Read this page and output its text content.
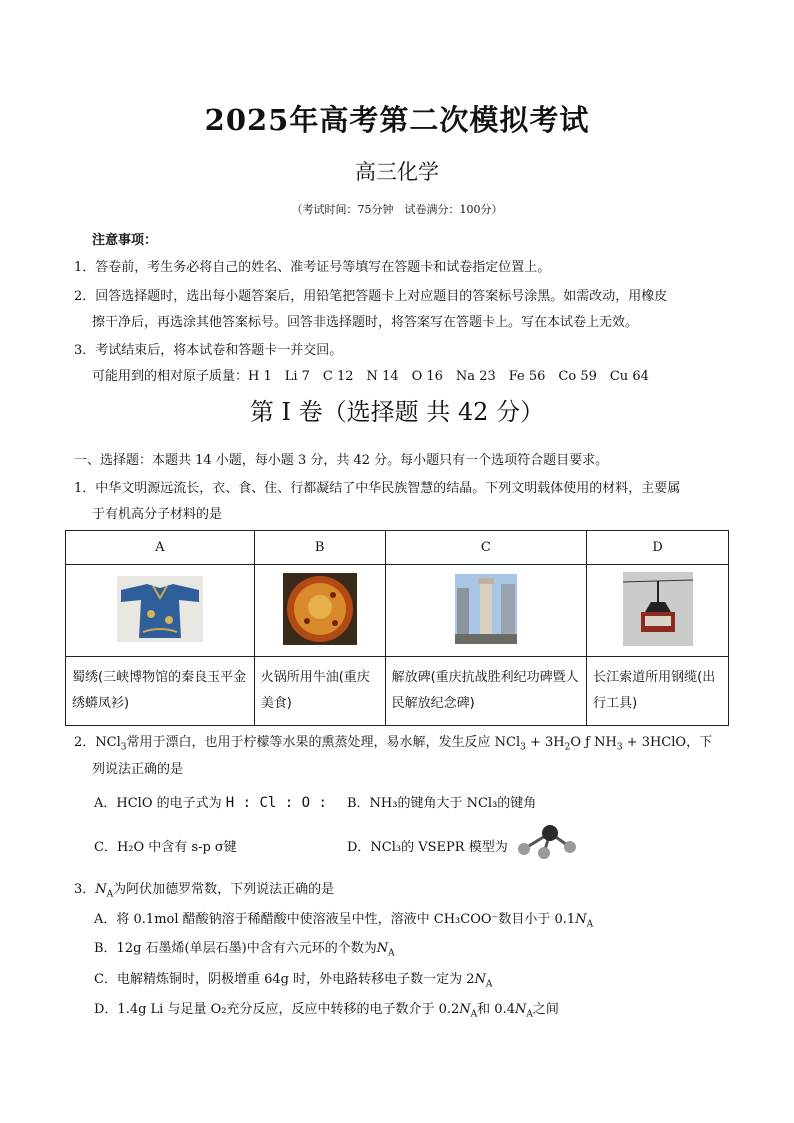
2025年高考第二次模拟考试
高三化学
（考试时间：75分钟　试卷满分：100分）
注意事项：
1．答卷前，考生务必将自己的姓名、准考证号等填写在答题卡和试卷指定位置上。
2．回答选择题时，选出每小题答案后，用铅笔把答题卡上对应题目的答案标号涂黑。如需改动，用橡皮
擦干净后，再选涂其他答案标号。回答非选择题时，将答案写在答题卡上。写在本试卷上无效。
3．考试结束后，将本试卷和答题卡一并交回。
可能用到的相对原子质量：H 1　Li 7　C 12　N 14　O 16　Na 23　Fe 56　Co 59　Cu 64
第 I 卷（选择题 共 42 分）
一、选择题：本题共 14 小题，每小题 3 分，共 42 分。每小题只有一个选项符合题目要求。
1．中华文明源远流长，衣、食、住、行都凝结了中华民族智慧的结晶。下列文明载体使用的材料，主要属
于有机高分子材料的是
A	B	C	D

蜀绣(三峡博物馆的秦良玉平金绣蟒凤衫)	火锅所用牛油(重庆美食)	解放碑(重庆抗战胜利纪功碑暨人民解放纪念碑)	长江索道所用钢缆(出行工具)
2．NCl$_3$常用于漂白，也用于柠檬等水果的熏蒸处理，易水解，发生反应 $NCl_3 + 3H_2O$ ƒ $NH_3$ + 3HClO，下
列说法正确的是
A．HClO 的电子式为 H : Cl : O : B．NH₃的键角大于 NCl₃的键角
C．H₂O 中含有 s-p σ键	D．NCl₃的 VSEPR 模型为
3．$N_A$为阿伏加德罗常数，下列说法正确的是
A．将 0.1mol 醋酸钠溶于稀醋酸中使溶液呈中性，溶液中 CH₃COO⁻数目小于 $0.1N_A$
B．12g 石墨烯(单层石墨)中含有六元环的个数为$N_A$
C．电解精炼铜时，阴极增重 64g 时，外电路转移电子数一定为 $2N_A$
D．1.4g Li 与足量 O₂充分反应，反应中转移的电子数介于 $0.2N_A$和 $0.4N_A$之间
